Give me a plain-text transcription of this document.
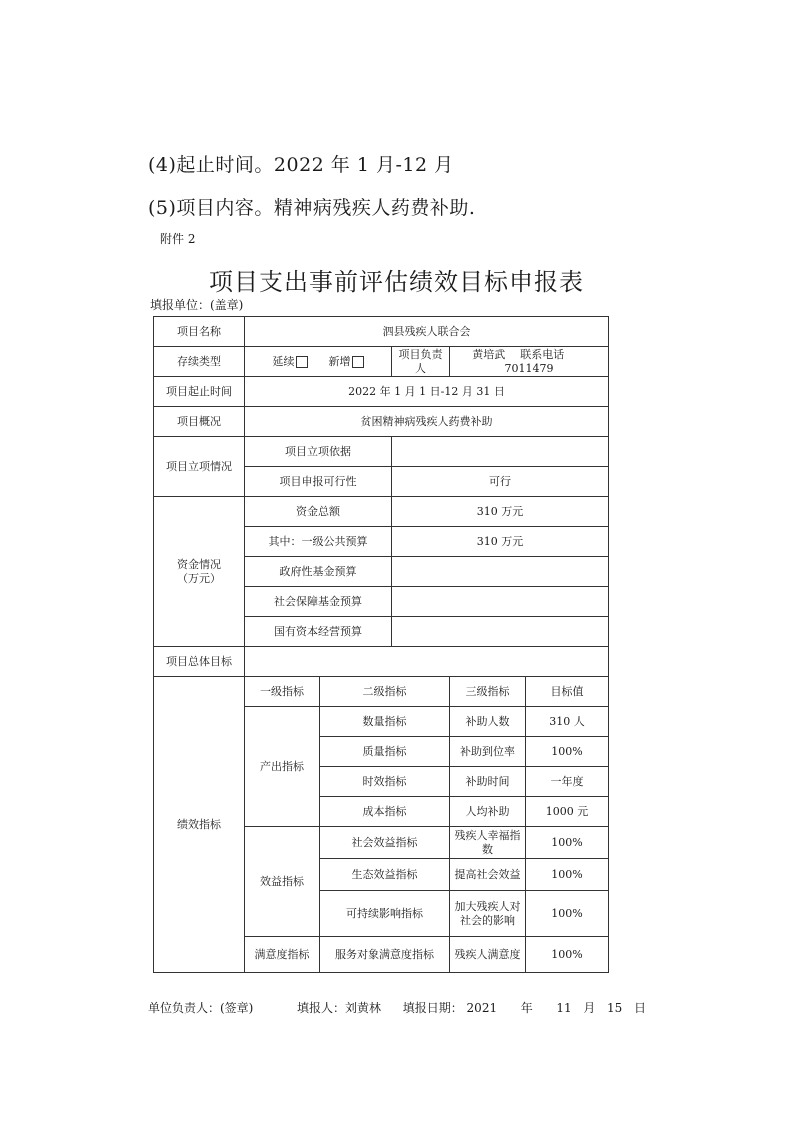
(4)起止时间。2022 年 1 月-12 月
(5)项目内容。精神病残疾人药费补助.
附件 2
项目支出事前评估绩效目标申报表
填报单位：(盖章)
项目名称	泗县残疾人联合会				
存续类型	延续 新增		项目负责人	黄培武 联系电话  7011479	
项目起止时间	2022 年 1 月 1 日-12 月 31 日				
项目概况	贫困精神病残疾人药费补助				
项目立项情况	项目立项依据				
	项目申报可行性		可行		
资金情况
（万元）	资金总额		310 万元		
	其中：一级公共预算		310 万元		
	政府性基金预算				
	社会保障基金预算				
	国有资本经营预算				
项目总体目标					
绩效指标	一级指标	二级指标		三级指标	目标值
	产出指标	数量指标		补助人数	310 人
		质量指标		补助到位率	100%
		时效指标		补助时间	一年度
		成本指标		人均补助	1000 元
	效益指标	社会效益指标		残疾人幸福指数	100%
		生态效益指标		提高社会效益	100%
		可持续影响指标		加大残疾人对社会的影响	100%
	满意度指标	服务对象满意度指标		残疾人满意度	100%
单位负责人：(签章)	填报人：刘黄林 填报日期： 2021 年 11 月 15 日
